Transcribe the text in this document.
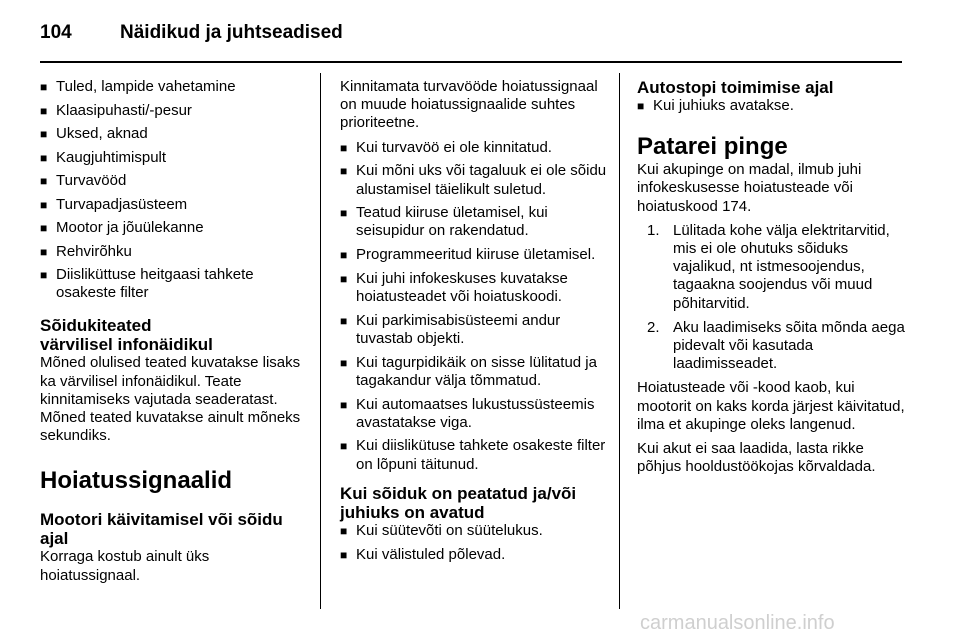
104	Näidikud ja juhtseadised
■ Tuled, lampide vahetamine
■ Klaasipuhasti/-pesur
■ Uksed, aknad
■ Kaugjuhtimispult
■ Turvavööd
■ Turvapadjasüsteem
■ Mootor ja jõuülekanne
■ Rehvirõhku
■ Diisliküttuse heitgaasi tahkete osakeste filter
Sõidukiteated
värvilisel infonäidikul

Mõned olulised teated kuvatakse lisaks ka värvilisel infonäidikul. Teate kinnitamiseks vajutada seaderatast. Mõned teated kuvatakse ainult mõneks sekundiks.

Hoiatussignaalid
Mootori käivitamisel või sõidu ajal

Korraga kostub ainult üks hoiatussignaal.

Kinnitamata turvavööde hoiatussignaal on muude hoiatussignaalide suhtes prioriteetne.

■ Kui turvavöö ei ole kinnitatud.
■ Kui mõni uks või tagaluuk ei ole sõidu alustamisel täielikult suletud.
■ Teatud kiiruse ületamisel, kui seisupidur on rakendatud.
■ Programmeeritud kiiruse ületamisel.
■ Kui juhi infokeskuses kuvatakse hoiatusteadet või hoiatuskoodi.
■ Kui parkimisabisüsteemi andur tuvastab objekti.
■ Kui tagurpidikäik on sisse lülitatud ja tagakandur välja tõmmatud.
■ Kui automaatses lukustussüsteemis avastatakse viga.
■ Kui diislikütuse tahkete osakeste filter on lõpuni täitunud.
Kui sõiduk on peatatud ja/või juhiuks on avatud
■ Kui süütevõti on süütelukus.
■ Kui välistuled põlevad.
Autostopi toimimise ajal
■ Kui juhiuks avatakse.
Patarei pinge

Kui akupinge on madal, ilmub juhi infokeskusesse hoiatusteade või hoiatuskood 174.

1. Lülitada kohe välja elektritarvitid, mis ei ole ohutuks sõiduks vajalikud, nt istmesoojendus, tagaakna soojendus või muud põhitarvitid.
2. Aku laadimiseks sõita mõnda aega pidevalt või kasutada laadimisseadet.

Hoiatusteade või -kood kaob, kui mootorit on kaks korda järjest käivitatud, ilma et akupinge oleks langenud.

Kui akut ei saa laadida, lasta rikke põhjus hooldustöökojas kõrvaldada.

carmanualsonline.info
